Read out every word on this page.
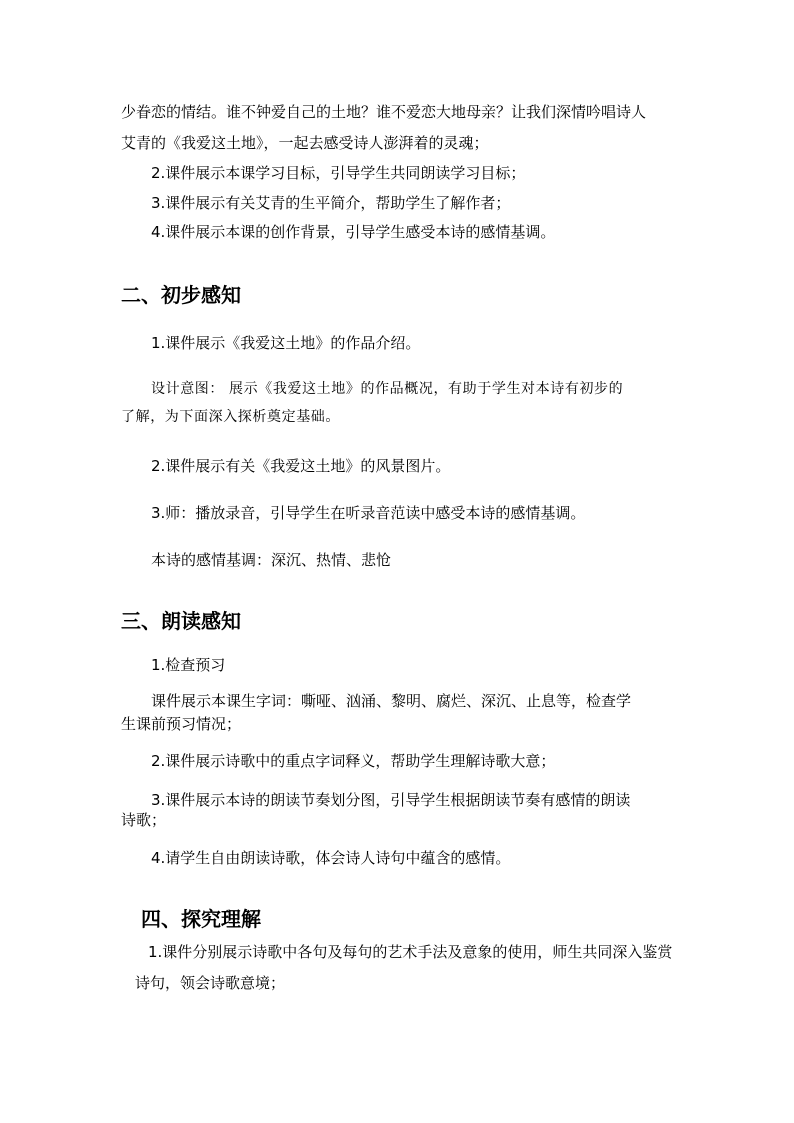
少眷恋的情结。谁不钟爱自己的土地？谁不爱恋大地母亲？让我们深情吟唱诗人
艾青的《我爱这土地》，一起去感受诗人澎湃着的灵魂；
2.课件展示本课学习目标，引导学生共同朗读学习目标；
3.课件展示有关艾青的生平简介，帮助学生了解作者；
4.课件展示本课的创作背景，引导学生感受本诗的感情基调。
二、初步感知
1.课件展示《我爱这土地》的作品介绍。
设计意图： 展示《我爱这土地》的作品概况，有助于学生对本诗有初步的
了解，为下面深入探析奠定基础。
2.课件展示有关《我爱这土地》的风景图片。
3.师：播放录音，引导学生在听录音范读中感受本诗的感情基调。
本诗的感情基调：深沉、热情、悲怆
三、朗读感知
1.检查预习
课件展示本课生字词：嘶哑、汹涌、黎明、腐烂、深沉、止息等，检查学
生课前预习情况；
2.课件展示诗歌中的重点字词释义，帮助学生理解诗歌大意；
3.课件展示本诗的朗读节奏划分图，引导学生根据朗读节奏有感情的朗读
诗歌；
4.请学生自由朗读诗歌，体会诗人诗句中蕴含的感情。
四、探究理解
1.课件分别展示诗歌中各句及每句的艺术手法及意象的使用，师生共同深入鉴赏
诗句，领会诗歌意境；
